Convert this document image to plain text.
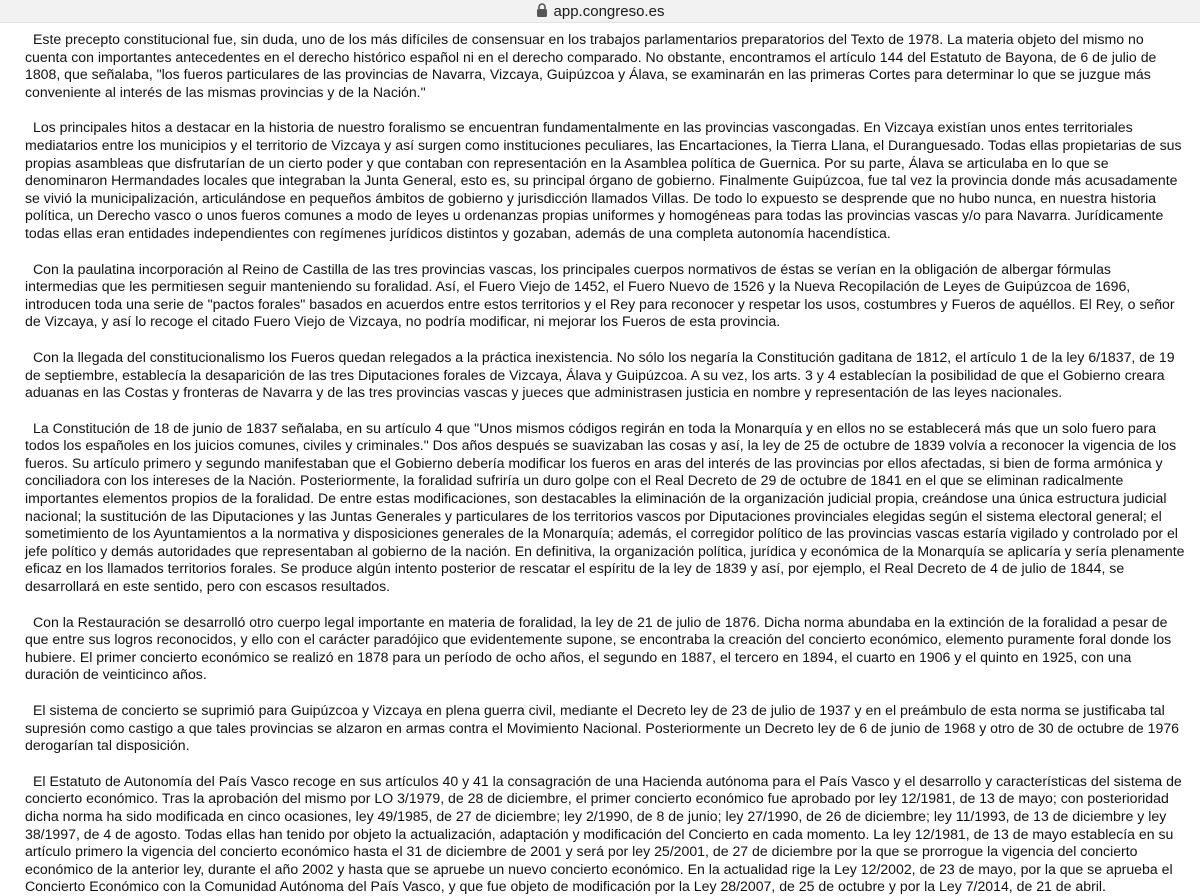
app.congreso.es

Este precepto constitucional fue, sin duda, uno de los más difíciles de consensuar en los trabajos parlamentarios preparatorios del Texto de 1978. La materia objeto del mismo no cuenta con importantes antecedentes en el derecho histórico español ni en el derecho comparado. No obstante, encontramos el artículo 144 del Estatuto de Bayona, de 6 de julio de 1808, que señalaba, "los fueros particulares de las provincias de Navarra, Vizcaya, Guipúzcoa y Álava, se examinarán en las primeras Cortes para determinar lo que se juzgue más conveniente al interés de las mismas provincias y de la Nación."

Los principales hitos a destacar en la historia de nuestro foralismo se encuentran fundamentalmente en las provincias vascongadas. En Vizcaya existían unos entes territoriales mediatarios entre los municipios y el territorio de Vizcaya y así surgen como instituciones peculiares, las Encartaciones, la Tierra Llana, el Duranguesado. Todas ellas propietarias de sus propias asambleas que disfrutarían de un cierto poder y que contaban con representación en la Asamblea política de Guernica. Por su parte, Álava se articulaba en lo que se denominaron Hermandades locales que integraban la Junta General, esto es, su principal órgano de gobierno. Finalmente Guipúzcoa, fue tal vez la provincia donde más acusadamente se vivió la municipalización, articulándose en pequeños ámbitos de gobierno y jurisdicción llamados Villas. De todo lo expuesto se desprende que no hubo nunca, en nuestra historia política, un Derecho vasco o unos fueros comunes a modo de leyes u ordenanzas propias uniformes y homogéneas para todas las provincias vascas y/o para Navarra. Jurídicamente todas ellas eran entidades independientes con regímenes jurídicos distintos y gozaban, además de una completa autonomía hacendística.

Con la paulatina incorporación al Reino de Castilla de las tres provincias vascas, los principales cuerpos normativos de éstas se verían en la obligación de albergar fórmulas intermedias que les permitiesen seguir manteniendo su foralidad. Así, el Fuero Viejo de 1452, el Fuero Nuevo de 1526 y la Nueva Recopilación de Leyes de Guipúzcoa de 1696, introducen toda una serie de "pactos forales" basados en acuerdos entre estos territorios y el Rey para reconocer y respetar los usos, costumbres y Fueros de aquéllos. El Rey, o señor de Vizcaya, y así lo recoge el citado Fuero Viejo de Vizcaya, no podría modificar, ni mejorar los Fueros de esta provincia.

Con la llegada del constitucionalismo los Fueros quedan relegados a la práctica inexistencia. No sólo los negaría la Constitución gaditana de 1812, el artículo 1 de la ley 6/1837, de 19 de septiembre, establecía la desaparición de las tres Diputaciones forales de Vizcaya, Álava y Guipúzcoa. A su vez, los arts. 3 y 4 establecían la posibilidad de que el Gobierno creara aduanas en las Costas y fronteras de Navarra y de las tres provincias vascas y jueces que administrasen justicia en nombre y representación de las leyes nacionales.

La Constitución de 18 de junio de 1837 señalaba, en su artículo 4 que "Unos mismos códigos regirán en toda la Monarquía y en ellos no se establecerá más que un solo fuero para todos los españoles en los juicios comunes, civiles y criminales." Dos años después se suavizaban las cosas y así, la ley de 25 de octubre de 1839 volvía a reconocer la vigencia de los fueros. Su artículo primero y segundo manifestaban que el Gobierno debería modificar los fueros en aras del interés de las provincias por ellos afectadas, si bien de forma armónica y conciliadora con los intereses de la Nación. Posteriormente, la foralidad sufriría un duro golpe con el Real Decreto de 29 de octubre de 1841 en el que se eliminan radicalmente importantes elementos propios de la foralidad. De entre estas modificaciones, son destacables la eliminación de la organización judicial propia, creándose una única estructura judicial nacional; la sustitución de las Diputaciones y las Juntas Generales y particulares de los territorios vascos por Diputaciones provinciales elegidas según el sistema electoral general; el sometimiento de los Ayuntamientos a la normativa y disposiciones generales de la Monarquía; además, el corregidor político de las provincias vascas estaría vigilado y controlado por el jefe político y demás autoridades que representaban al gobierno de la nación. En definitiva, la organización política, jurídica y económica de la Monarquía se aplicaría y sería plenamente eficaz en los llamados territorios forales. Se produce algún intento posterior de rescatar el espíritu de la ley de 1839 y así, por ejemplo, el Real Decreto de 4 de julio de 1844, se desarrollará en este sentido, pero con escasos resultados.

Con la Restauración se desarrolló otro cuerpo legal importante en materia de foralidad, la ley de 21 de julio de 1876. Dicha norma abundaba en la extinción de la foralidad a pesar de que entre sus logros reconocidos, y ello con el carácter paradójico que evidentemente supone, se encontraba la creación del concierto económico, elemento puramente foral donde los hubiere. El primer concierto económico se realizó en 1878 para un período de ocho años, el segundo en 1887, el tercero en 1894, el cuarto en 1906 y el quinto en 1925, con una duración de veinticinco años.

El sistema de concierto se suprimió para Guipúzcoa y Vizcaya en plena guerra civil, mediante el Decreto ley de 23 de julio de 1937 y en el preámbulo de esta norma se justificaba tal supresión como castigo a que tales provincias se alzaron en armas contra el Movimiento Nacional. Posteriormente un Decreto ley de 6 de junio de 1968 y otro de 30 de octubre de 1976 derogarían tal disposición.

El Estatuto de Autonomía del País Vasco recoge en sus artículos 40 y 41 la consagración de una Hacienda autónoma para el País Vasco y el desarrollo y características del sistema de concierto económico. Tras la aprobación del mismo por LO 3/1979, de 28 de diciembre, el primer concierto económico fue aprobado por ley 12/1981, de 13 de mayo; con posterioridad dicha norma ha sido modificada en cinco ocasiones, ley 49/1985, de 27 de diciembre; ley 2/1990, de 8 de junio; ley 27/1990, de 26 de diciembre; ley 11/1993, de 13 de diciembre y ley 38/1997, de 4 de agosto. Todas ellas han tenido por objeto la actualización, adaptación y modificación del Concierto en cada momento. La ley 12/1981, de 13 de mayo establecía en su artículo primero la vigencia del concierto económico hasta el 31 de diciembre de 2001 y será por ley 25/2001, de 27 de diciembre por la que se prorrogue la vigencia del concierto económico de la anterior ley, durante el año 2002 y hasta que se apruebe un nuevo concierto económico. En la actualidad rige la Ley 12/2002, de 23 de mayo, por la que se aprueba el Concierto Económico con la Comunidad Autónoma del País Vasco, y que fue objeto de modificación por la Ley 28/2007, de 25 de octubre y por la Ley 7/2014, de 21 de abril.
